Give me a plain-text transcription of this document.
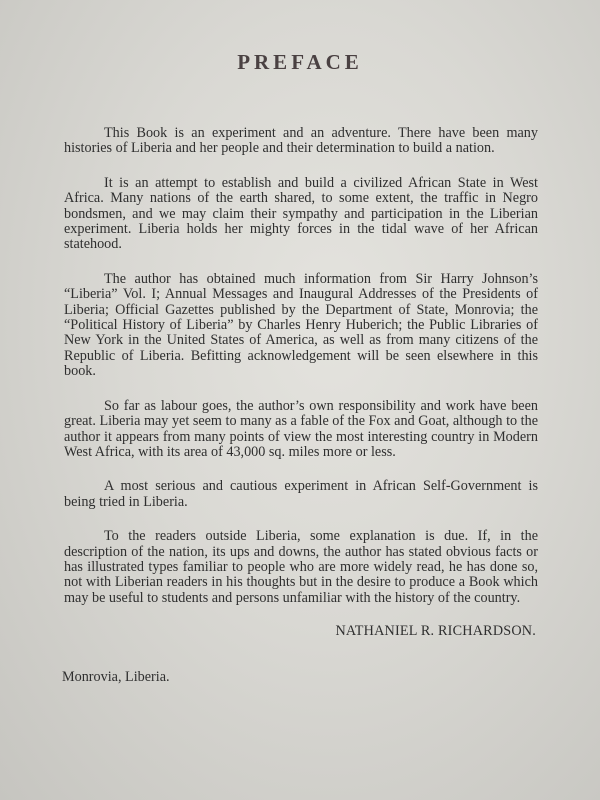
PREFACE

This Book is an experiment and an adventure. There have been many histories of Liberia and her people and their determination to build a nation.

It is an attempt to establish and build a civilized African State in West Africa. Many nations of the earth shared, to some extent, the traffic in Negro bondsmen, and we may claim their sympathy and participation in the Liberian experiment. Liberia holds her mighty forces in the tidal wave of her African statehood.

The author has obtained much information from Sir Harry Johnson’s “Liberia” Vol. I; Annual Messages and Inaugural Addresses of the Presidents of Liberia; Official Gazettes published by the Department of State, Monrovia; the “Political History of Liberia” by Charles Henry Huberich; the Public Libraries of New York in the United States of America, as well as from many citizens of the Republic of Liberia. Befitting acknowledgement will be seen elsewhere in this book.

So far as labour goes, the author’s own responsibility and work have been great. Liberia may yet seem to many as a fable of the Fox and Goat, although to the author it appears from many points of view the most interesting country in Modern West Africa, with its area of 43,000 sq. miles more or less.

A most serious and cautious experiment in African Self-Government is being tried in Liberia.

To the readers outside Liberia, some explanation is due. If, in the description of the nation, its ups and downs, the author has stated obvious facts or has illustrated types familiar to people who are more widely read, he has done so, not with Liberian readers in his thoughts but in the desire to produce a Book which may be useful to students and persons unfamiliar with the history of the country.

NATHANIEL R. RICHARDSON.
Monrovia, Liberia.
